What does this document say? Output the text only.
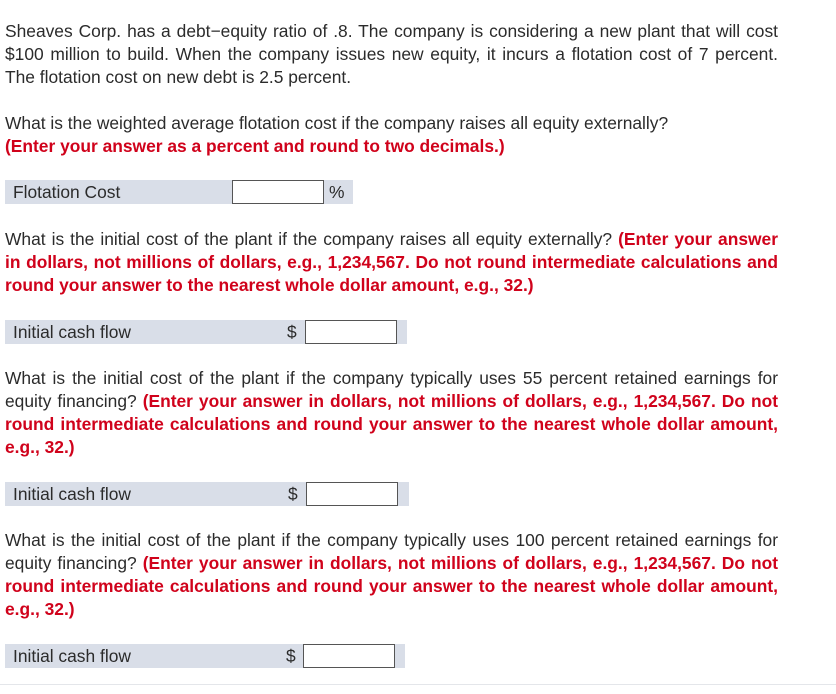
Sheaves Corp. has a debt−equity ratio of .8. The company is considering a new plant that will cost $100 million to build. When the company issues new equity, it incurs a flotation cost of 7 percent. The flotation cost on new debt is 2.5 percent.

What is the weighted average flotation cost if the company raises all equity externally?
(Enter your answer as a percent and round to two decimals.)

Flotation Cost	%

What is the initial cost of the plant if the company raises all equity externally? (Enter your answer in dollars, not millions of dollars, e.g., 1,234,567. Do not round intermediate calculations and round your answer to the nearest whole dollar amount, e.g., 32.)

Initial cash flow	$

What is the initial cost of the plant if the company typically uses 55 percent retained earnings for equity financing? (Enter your answer in dollars, not millions of dollars, e.g., 1,234,567. Do not round intermediate calculations and round your answer to the nearest whole dollar amount, e.g., 32.)

Initial cash flow	$

What is the initial cost of the plant if the company typically uses 100 percent retained earnings for equity financing? (Enter your answer in dollars, not millions of dollars, e.g., 1,234,567. Do not round intermediate calculations and round your answer to the nearest whole dollar amount, e.g., 32.)

Initial cash flow	$
